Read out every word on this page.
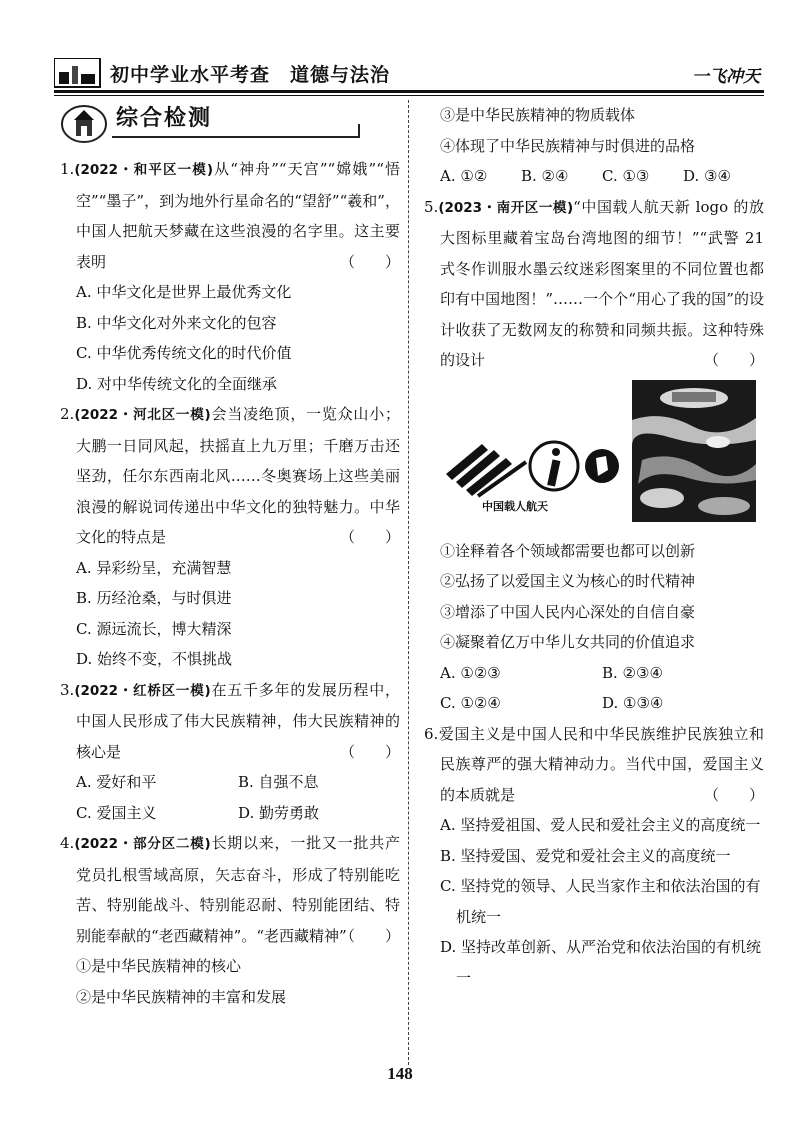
初中学业水平考查　道德与法治	一飞冲天
综合检测
1.(2022・和平区一模)从“神舟”“天宫”“嫦娥”“悟空”“墨子”，到为地外行星命名的“望舒”“羲和”，中国人把航天梦藏在这些浪漫的名字里。这主要表明	（　　）
A. 中华文化是世界上最优秀文化
B. 中华文化对外来文化的包容
C. 中华优秀传统文化的时代价值
D. 对中华传统文化的全面继承
2.(2022・河北区一模)会当凌绝顶，一览众山小；大鹏一日同风起，扶摇直上九万里；千磨万击还坚劲，任尔东西南北风……冬奥赛场上这些美丽浪漫的解说词传递出中华文化的独特魅力。中华文化的特点是	（　　）
A. 异彩纷呈，充满智慧
B. 历经沧桑，与时俱进
C. 源远流长，博大精深
D. 始终不变，不惧挑战
3.(2022・红桥区一模)在五千多年的发展历程中，中国人民形成了伟大民族精神，伟大民族精神的核心是	（　　）
A. 爱好和平	B. 自强不息
C. 爱国主义	D. 勤劳勇敢
4.(2022・部分区二模)长期以来，一批又一批共产党员扎根雪域高原，矢志奋斗，形成了特别能吃苦、特别能战斗、特别能忍耐、特别能团结、特别能奉献的“老西藏精神”。“老西藏精神”
（　　）
①是中华民族精神的核心
②是中华民族精神的丰富和发展
③是中华民族精神的物质载体
④体现了中华民族精神与时俱进的品格
A. ①②	B. ②④	C. ①③	D. ③④
5.(2023・南开区一模)“中国载人航天新 logo 的放大图标里藏着宝岛台湾地图的细节！”“武警 21 式冬作训服水墨云纹迷彩图案里的不同位置也都印有中国地图！”……一个个“用心了我的国”的设计收获了无数网友的称赞和同频共振。这种特殊的设计	（　　）
中国载人航天
①诠释着各个领域都需要也都可以创新
②弘扬了以爱国主义为核心的时代精神
③增添了中国人民内心深处的自信自豪
④凝聚着亿万中华儿女共同的价值追求
A. ①②③	B. ②③④
C. ①②④	D. ①③④
6.爱国主义是中国人民和中华民族维护民族独立和民族尊严的强大精神动力。当代中国，爱国主义的本质就是	（　　）
A. 坚持爱祖国、爱人民和爱社会主义的高度统一
B. 坚持爱国、爱党和爱社会主义的高度统一
C. 坚持党的领导、人民当家作主和依法治国的有机统一
D. 坚持改革创新、从严治党和依法治国的有机统一
148
